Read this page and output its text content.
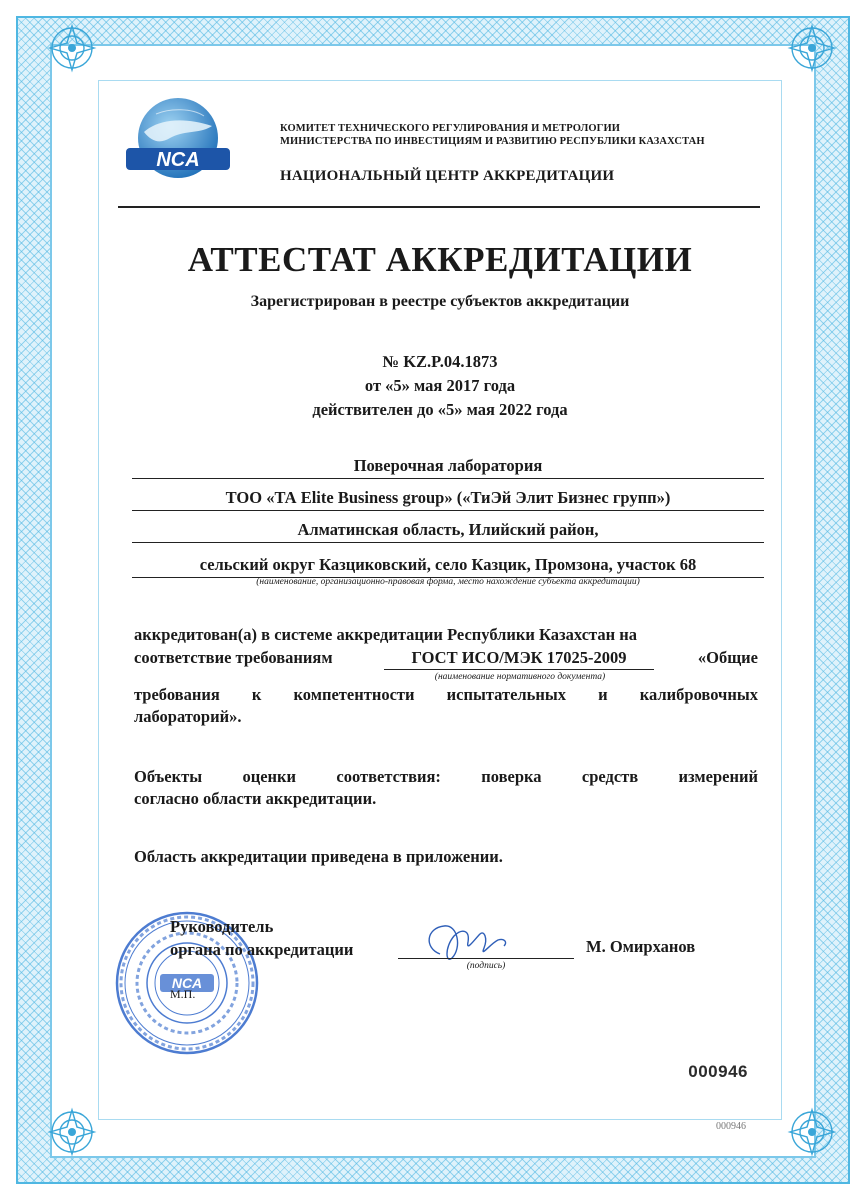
NCA
КОМИТЕТ ТЕХНИЧЕСКОГО РЕГУЛИРОВАНИЯ И МЕТРОЛОГИИ
МИНИСТЕРСТВА ПО ИНВЕСТИЦИЯМ И РАЗВИТИЮ РЕСПУБЛИКИ КАЗАХСТАН
НАЦИОНАЛЬНЫЙ ЦЕНТР АККРЕДИТАЦИИ
АТТЕСТАТ АККРЕДИТАЦИИ
Зарегистрирован в реестре субъектов аккредитации
№ KZ.P.04.1873
от «5» мая 2017 года
действителен до «5» мая 2022 года
Поверочная лаборатория
ТОО «ТА Elite Business group» («ТиЭй Элит Бизнес групп»)
Алматинская область, Илийский район,
сельский округ Казциковский, село Казцик, Промзона, участок 68
(наименование, организационно-правовая форма, место нахождение субъекта аккредитации)
аккредитован(а) в системе аккредитации Республики Казахстан на
соответствие требованиям	ГОСТ ИСО/МЭК 17025-2009
(наименование нормативного документа)
«Общие
требования к компетентности испытательных и калибровочных
лабораторий».
Объекты оценки соответствия: поверка средств измерений
согласно области аккредитации.
Область аккредитации приведена в приложении.
NCA
Руководитель
органа по аккредитации
(подпись)
М. Омирханов
М.П.
000946
000946
